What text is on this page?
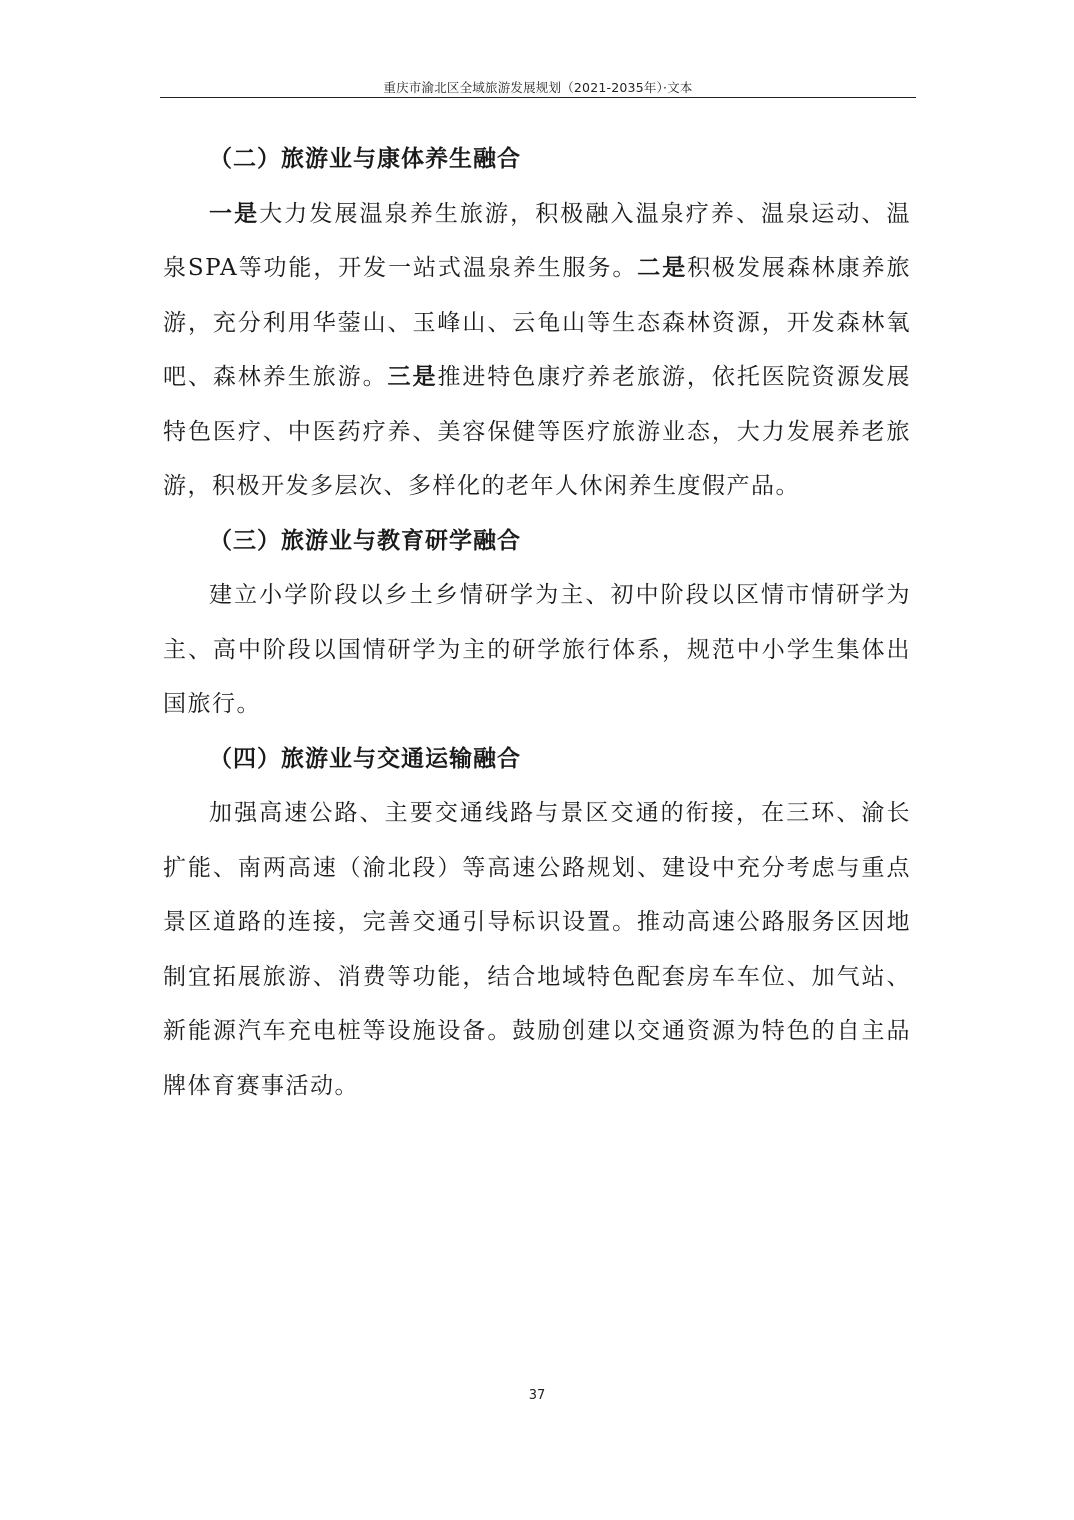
重庆市渝北区全域旅游发展规划（2021-2035年）·文本

（二）旅游业与康体养生融合

一是大力发展温泉养生旅游，积极融入温泉疗养、温泉运动、温泉SPA等功能，开发一站式温泉养生服务。二是积极发展森林康养旅游，充分利用华蓥山、玉峰山、云龟山等生态森林资源，开发森林氧吧、森林养生旅游。三是推进特色康疗养老旅游，依托医院资源发展特色医疗、中医药疗养、美容保健等医疗旅游业态，大力发展养老旅游，积极开发多层次、多样化的老年人休闲养生度假产品。

（三）旅游业与教育研学融合

建立小学阶段以乡土乡情研学为主、初中阶段以区情市情研学为主、高中阶段以国情研学为主的研学旅行体系，规范中小学生集体出国旅行。

（四）旅游业与交通运输融合

加强高速公路、主要交通线路与景区交通的衔接，在三环、渝长扩能、南两高速（渝北段）等高速公路规划、建设中充分考虑与重点景区道路的连接，完善交通引导标识设置。推动高速公路服务区因地制宜拓展旅游、消费等功能，结合地域特色配套房车车位、加气站、新能源汽车充电桩等设施设备。鼓励创建以交通资源为特色的自主品牌体育赛事活动。

37
